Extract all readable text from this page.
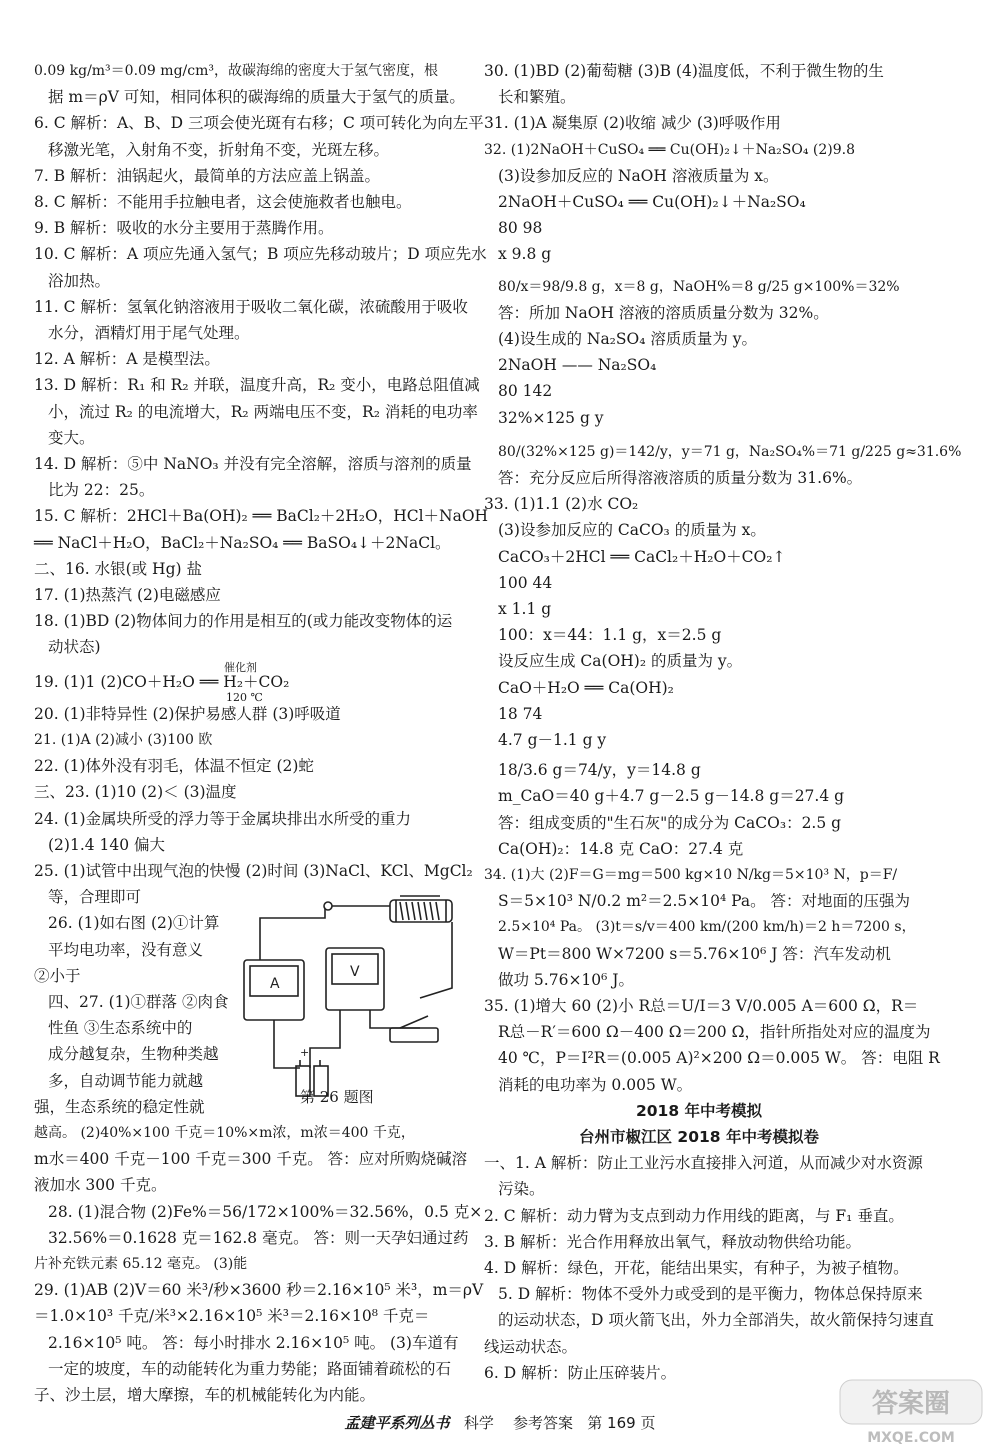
0.09 kg/m³＝0.09 mg/cm³，故碳海绵的密度大于氢气密度，根
据 m＝ρV 可知，相同体积的碳海绵的质量大于氢气的质量。
6. C 解析：A、B、D 三项会使光斑有右移；C 项可转化为向左平
移激光笔，入射角不变，折射角不变，光斑左移。
7. B 解析：油锅起火，最简单的方法应盖上锅盖。
8. C 解析：不能用手拉触电者，这会使施救者也触电。
9. B 解析：吸收的水分主要用于蒸腾作用。
10. C 解析：A 项应先通入氢气；B 项应先移动玻片；D 项应先水
浴加热。
11. C 解析：氢氧化钠溶液用于吸收二氧化碳，浓硫酸用于吸收
水分，酒精灯用于尾气处理。
12. A 解析：A 是模型法。
13. D 解析：R₁ 和 R₂ 并联，温度升高，R₂ 变小，电路总阻值减
小，流过 R₂ 的电流增大，R₂ 两端电压不变，R₂ 消耗的电功率
变大。
14. D 解析：⑤中 NaNO₃ 并没有完全溶解，溶质与溶剂的质量
比为 22：25。
15. C 解析：2HCl＋Ba(OH)₂ ══ BaCl₂＋2H₂O，HCl＋NaOH
══ NaCl＋H₂O，BaCl₂＋Na₂SO₄ ══ BaSO₄↓＋2NaCl。
二、16. 水银(或 Hg) 盐
17. (1)热蒸汽 (2)电磁感应
18. (1)BD (2)物体间力的作用是相互的(或力能改变物体的运
动状态)
19. (1)1 (2)CO＋H₂O ══ H₂＋CO₂
20. (1)非特异性 (2)保护易感人群 (3)呼吸道
21. (1)A (2)减小 (3)100 欧
22. (1)体外没有羽毛，体温不恒定 (2)蛇
三、23. (1)10 (2)＜ (3)温度
24. (1)金属块所受的浮力等于金属块排出水所受的重力
(2)1.4 140 偏大
25. (1)试管中出现气泡的快慢 (2)时间 (3)NaCl、KCl、MgCl₂
等，合理即可
26. (1)如右图 (2)①计算
平均电功率，没有意义
②小于
四、27. (1)①群落 ②肉食
性鱼 ③生态系统中的
成分越复杂，生物种类越
多，自动调节能力就越
强，生态系统的稳定性就
越高。 (2)40%×100 千克＝10%×m浓，m浓＝400 千克，
m水＝400 千克－100 千克＝300 千克。 答：应对所购烧碱溶
液加水 300 千克。
28. (1)混合物 (2)Fe%＝56/172×100%＝32.56%，0.5 克×
32.56%＝0.1628 克＝162.8 毫克。 答：则一天孕妇通过药
片补充铁元素 65.12 毫克。 (3)能
29. (1)AB (2)V＝60 米³/秒×3600 秒＝2.16×10⁵ 米³，m＝ρV
＝1.0×10³ 千克/米³×2.16×10⁵ 米³＝2.16×10⁸ 千克＝
2.16×10⁵ 吨。 答：每小时排水 2.16×10⁵ 吨。 (3)车道有
一定的坡度，车的动能转化为重力势能；路面铺着疏松的石
子、沙土层，增大摩擦，车的机械能转化为内能。
催化剂
120 ℃
30. (1)BD (2)葡萄糖 (3)B (4)温度低，不利于微生物的生
长和繁殖。
31. (1)A 凝集原 (2)收缩 减少 (3)呼吸作用
32. (1)2NaOH＋CuSO₄ ══ Cu(OH)₂↓＋Na₂SO₄ (2)9.8
(3)设参加反应的 NaOH 溶液质量为 x。
2NaOH＋CuSO₄ ══ Cu(OH)₂↓＋Na₂SO₄
80 98
x 9.8 g
80/x＝98/9.8 g，x＝8 g，NaOH%＝8 g/25 g×100%＝32%
答：所加 NaOH 溶液的溶质质量分数为 32%。
(4)设生成的 Na₂SO₄ 溶质质量为 y。
2NaOH —— Na₂SO₄
80 142
32%×125 g y
80/(32%×125 g)＝142/y，y＝71 g，Na₂SO₄%＝71 g/225 g≈31.6%
答：充分反应后所得溶液溶质的质量分数为 31.6%。
33. (1)1.1 (2)水 CO₂
(3)设参加反应的 CaCO₃ 的质量为 x。
CaCO₃＋2HCl ══ CaCl₂＋H₂O＋CO₂↑
100 44
x 1.1 g
100：x＝44：1.1 g，x＝2.5 g
设反应生成 Ca(OH)₂ 的质量为 y。
CaO＋H₂O ══ Ca(OH)₂
18 74
4.7 g－1.1 g y
18/3.6 g＝74/y，y＝14.8 g
m_CaO＝40 g＋4.7 g－2.5 g－14.8 g＝27.4 g
答：组成变质的"生石灰"的成分为 CaCO₃：2.5 g
Ca(OH)₂：14.8 克 CaO：27.4 克
34. (1)大 (2)F＝G＝mg＝500 kg×10 N/kg＝5×10³ N，p＝F/
S＝5×10³ N/0.2 m²＝2.5×10⁴ Pa。 答：对地面的压强为
2.5×10⁴ Pa。 (3)t＝s/v＝400 km/(200 km/h)＝2 h＝7200 s，
W＝Pt＝800 W×7200 s＝5.76×10⁶ J 答：汽车发动机
做功 5.76×10⁶ J。
35. (1)增大 60 (2)小 R总＝U/I＝3 V/0.005 A＝600 Ω，R＝
R总－R′＝600 Ω－400 Ω＝200 Ω，指针所指处对应的温度为
40 ℃，P＝I²R＝(0.005 A)²×200 Ω＝0.005 W。 答：电阻 R
消耗的电功率为 0.005 W。
2018 年中考模拟
台州市椒江区 2018 年中考模拟卷
一、1. A 解析：防止工业污水直接排入河道，从而减少对水资源
污染。
2. C 解析：动力臂为支点到动力作用线的距离，与 F₁ 垂直。
3. B 解析：光合作用释放出氧气，释放动物供给功能。
4. D 解析：绿色，开花，能结出果实，有种子，为被子植物。
5. D 解析：物体不受外力或受到的是平衡力，物体总保持原来
的运动状态，D 项火箭飞出，外力全部消失，故火箭保持匀速直
线运动状态。
6. D 解析：防止压碎装片。
A
V
+
第 26 题图
孟建平系列丛书 科学 参考答案 第 169 页
答案圈
MXQE.COM
